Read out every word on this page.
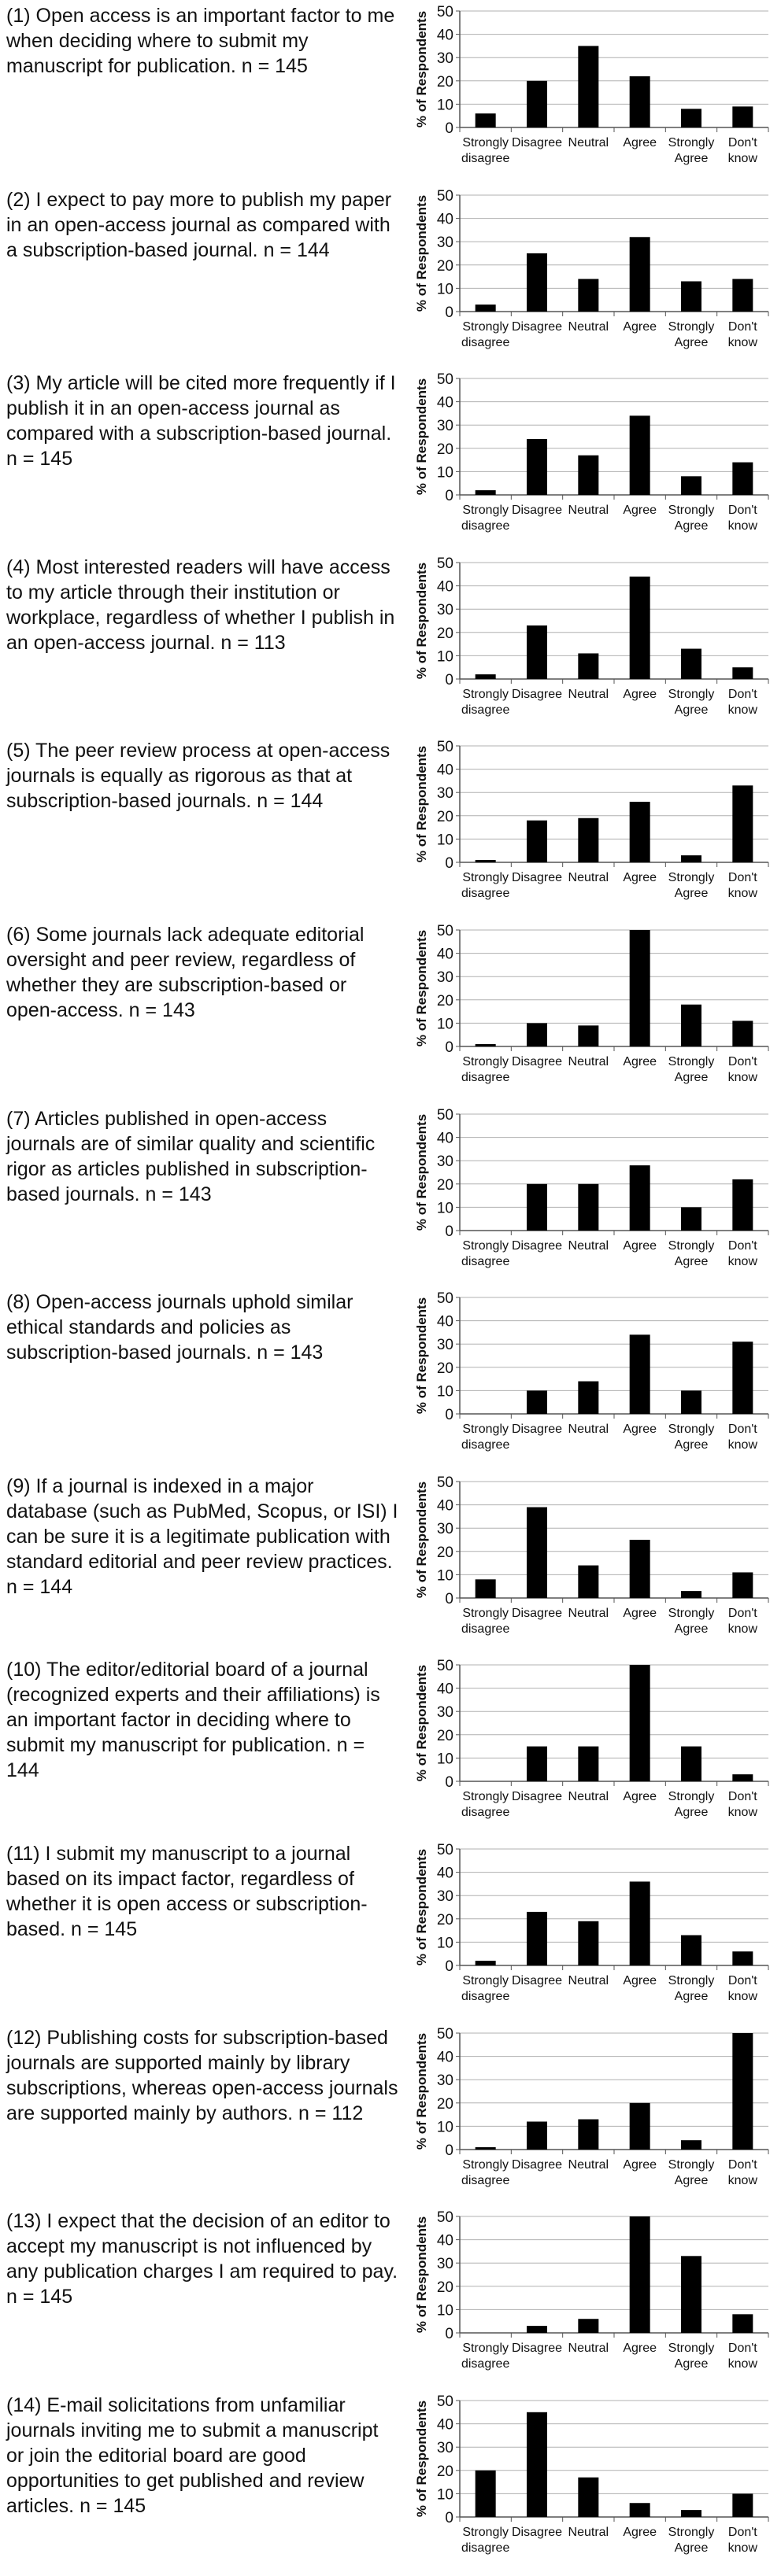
(1) Open access is an important factor to me when deciding where to submit my manuscript for publication. n = 145

0
10
20
30
40
50
% of Respondents
Strongly disagree
Disagree Neutral Agree Strongly Agree
Don't know

(2) I expect to pay more to publish my paper in an open-access journal as compared with a subscription-based journal. n = 144

0
10
20
30
40
50
% of Respondents
Strongly disagree
Disagree Neutral Agree Strongly Agree
Don't know

(3) My article will be cited more frequently if I publish it in an open-access journal as compared with a subscription-based journal. n = 145

0
10
20
30
40
50
% of Respondents
Strongly disagree
Disagree Neutral Agree Strongly Agree
Don't know

(4) Most interested readers will have access to my article through their institution or workplace, regardless of whether I publish in an open-access journal. n = 113

0
10
20
30
40
50
% of Respondents
Strongly disagree
Disagree Neutral Agree Strongly Agree
Don't know

(5) The peer review process at open-access journals is equally as rigorous as that at subscription-based journals. n = 144

0
10
20
30
40
50
% of Respondents
Strongly disagree
Disagree Neutral Agree Strongly Agree
Don't know

(6) Some journals lack adequate editorial oversight and peer review, regardless of whether they are subscription-based or open-access. n = 143

0
10
20
30
40
50
% of Respondents
Strongly disagree
Disagree Neutral Agree Strongly Agree
Don't know

(7) Articles published in open-access journals are of similar quality and scientific rigor as articles published in subscription-based journals. n = 143

0
10
20
30
40
50
% of Respondents
Strongly disagree
Disagree Neutral Agree Strongly Agree
Don't know

(8) Open-access journals uphold similar ethical standards and policies as subscription-based journals. n = 143

0
10
20
30
40
50
% of Respondents
Strongly disagree
Disagree Neutral Agree Strongly Agree
Don't know

(9) If a journal is indexed in a major database (such as PubMed, Scopus, or ISI) I can be sure it is a legitimate publication with standard editorial and peer review practices. n = 144

0
10
20
30
40
50
% of Respondents
Strongly disagree
Disagree Neutral Agree Strongly Agree
Don't know

(10) The editor/editorial board of a journal (recognized experts and their affiliations) is an important factor in deciding where to submit my manuscript for publication. n = 144

0
10
20
30
40
50
% of Respondents
Strongly disagree
Disagree Neutral Agree Strongly Agree
Don't know

(11) I submit my manuscript to a journal based on its impact factor, regardless of whether it is open access or subscription-based. n = 145

0
10
20
30
40
50
% of Respondents
Strongly disagree
Disagree Neutral Agree Strongly Agree
Don't know

(12) Publishing costs for subscription-based journals are supported mainly by library subscriptions, whereas open-access journals are supported mainly by authors. n = 112

0
10
20
30
40
50
% of Respondents
Strongly disagree
Disagree Neutral Agree Strongly Agree
Don't know

(13) I expect that the decision of an editor to accept my manuscript is not influenced by any publication charges I am required to pay. n = 145

0
10
20
30
40
50
% of Respondents
Strongly disagree
Disagree Neutral Agree Strongly Agree
Don't know

(14) E-mail solicitations from unfamiliar journals inviting me to submit a manuscript or join the editorial board are good opportunities to get published and review articles. n = 145

0
10
20
30
40
50
% of Respondents
Strongly disagree
Disagree Neutral Agree Strongly Agree
Don't know
